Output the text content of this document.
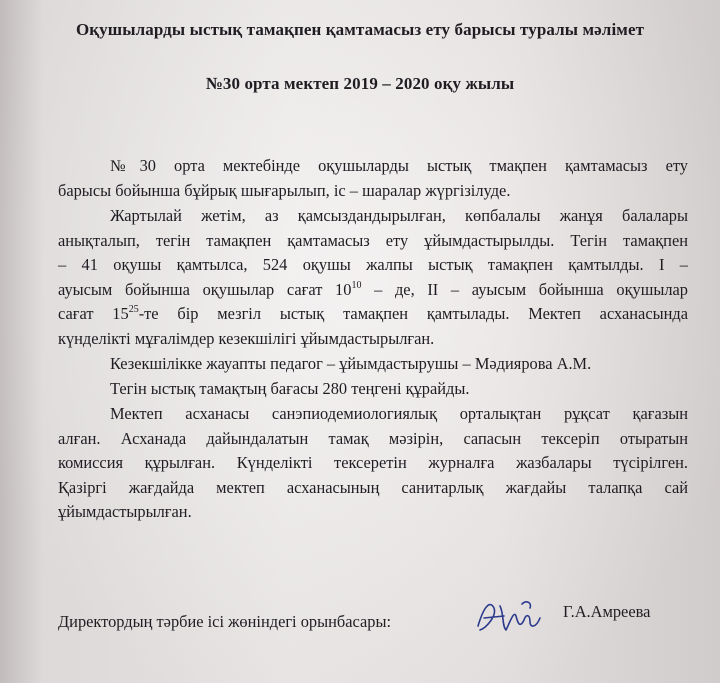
Оқушыларды ыстық тамақпен қамтамасыз ету барысы туралы мәлімет
№30 орта мектеп 2019 – 2020 оқу жылы
№30 орта мектебінде оқушыларды ыстық тмақпен қамтамасыз ету
барысы бойынша бұйрық шығарылып, іс – шаралар жүргізілуде.
Жартылай жетім, аз қамсыздандырылған, көпбалалы жанұя балалары
анықталып, тегін тамақпен қамтамасыз ету ұйымдастырылды. Тегін тамақпен
– 41 оқушы қамтылса, 524 оқушы жалпы ыстық тамақпен қамтылды. І –
ауысым бойынша оқушылар сағат $10^{10}$ – де, ІІ – ауысым бойынша оқушылар
сағат $15^{25}-те$ бір мезгіл ыстық тамақпен қамтылады. Мектеп асханасында
күнделікті мұғалімдер кезекшілігі ұйымдастырылған.
Кезекшілікке жауапты педагог – ұйымдастырушы – Мәдиярова А.М.
Тегін ыстық тамақтың бағасы 280 теңгені құрайды.
Мектеп асханасы санэпиодемиологиялық орталықтан рұқсат қағазын
алған. Асханада дайындалатын тамақ мәзірін, сапасын тексеріп отыратын
комиссия құрылған. Күнделікті тексеретін журналға жазбалары түсірілген.
Қазіргі жағдайда мектеп асханасының санитарлық жағдайы талапқа сай
ұйымдастырылған.
Директордың тәрбие ісі жөніндегі орынбасары:
Г.А.Амреева
